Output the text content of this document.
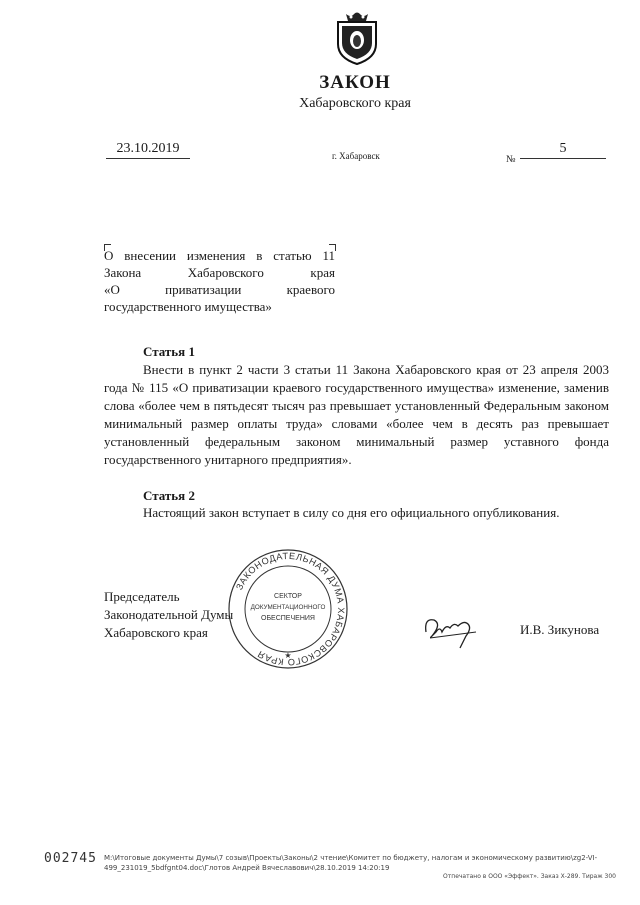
ЗАКОН
Хабаровского края
23.10.2019	г. Хабаровск	№
5
О внесении изменения в статью 11
Закона Хабаровского края
«О приватизации краевого
государственного имущества»
Статья 1
Внести в пункт 2 части 3 статьи 11 Закона Хабаровского края от 23 апреля 2003 года № 115 «О приватизации краевого государственного имущества» изменение, заменив слова «более чем в пятьдесят тысяч раз превышает установленный Федеральным законом минимальный размер оплаты труда» словами «более чем в десять раз превышает установленный федеральным законом минимальный размер уставного фонда государственного унитарного предприятия».
Статья 2
Настоящий закон вступает в силу со дня его официального опубликования.
ЗАКОНОДАТЕЛЬНАЯ ДУМА ХАБАРОВСКОГО КРАЯ
СЕКТОР
ДОКУМЕНТАЦИОННОГО
ОБЕСПЕЧЕНИЯ
★
Председатель
Законодательной Думы
Хабаровского края	И.В. Зикунова
002745 М:\Итоговые документы Думы\7 созыв\Проекты\Законы\2 чтение\Комитет по бюджету, налогам и экономическому развитию\zg2-VI-499_231019_5bdfgnt04.doc\Глотов Андрей Вячеславович\28.10.2019 14:20:19
Отпечатано в ООО «Эффект». Заказ Х-289. Тираж 300
